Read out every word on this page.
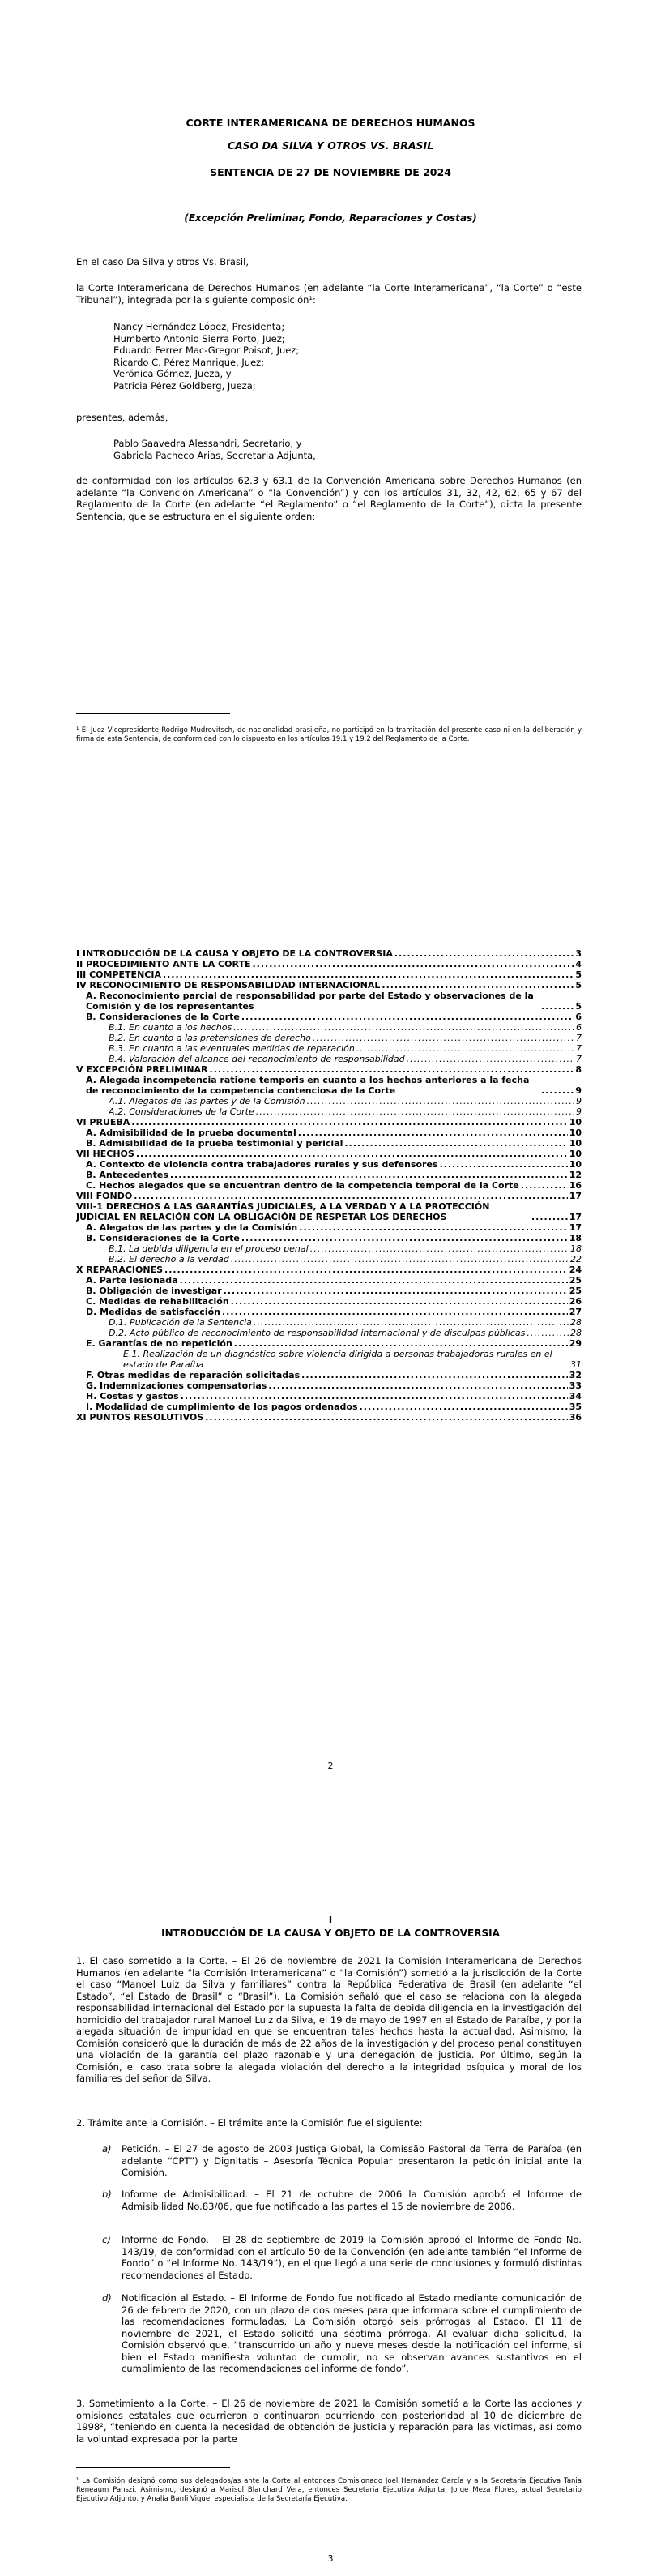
CORTE INTERAMERICANA DE DERECHOS HUMANOS
CASO DA SILVA Y OTROS VS. BRASIL
SENTENCIA DE 27 DE NOVIEMBRE DE 2024
(Excepción Preliminar, Fondo, Reparaciones y Costas)
En el caso Da Silva y otros Vs. Brasil,
la Corte Interamericana de Derechos Humanos (en adelante “la Corte Interamericana”, “la Corte” o “este Tribunal”), integrada por la siguiente composición¹:
Nancy Hernández López, Presidenta;
Humberto Antonio Sierra Porto, Juez;
Eduardo Ferrer Mac-Gregor Poisot, Juez;
Ricardo C. Pérez Manrique, Juez;
Verónica Gómez, Jueza, y
Patricia Pérez Goldberg, Jueza;
presentes, además,
Pablo Saavedra Alessandri, Secretario, y
Gabriela Pacheco Arias, Secretaria Adjunta,
de conformidad con los artículos 62.3 y 63.1 de la Convención Americana sobre Derechos Humanos (en adelante “la Convención Americana” o “la Convención”) y con los artículos 31, 32, 42, 62, 65 y 67 del Reglamento de la Corte (en adelante “el Reglamento” o “el Reglamento de la Corte”), dicta la presente Sentencia, que se estructura en el siguiente orden:
¹ El Juez Vicepresidente Rodrigo Mudrovitsch, de nacionalidad brasileña, no participó en la tramitación del presente caso ni en la deliberación y firma de esta Sentencia, de conformidad con lo dispuesto en los artículos 19.1 y 19.2 del Reglamento de la Corte.
2
I INTRODUCCIÓN DE LA CAUSA Y OBJETO DE LA CONTROVERSIA .....	3
II PROCEDIMIENTO ANTE LA CORTE .....	4
III COMPETENCIA .....	5
IV RECONOCIMIENTO DE RESPONSABILIDAD INTERNACIONAL .....	5
A. Reconocimiento parcial de responsabilidad por parte del Estado y observaciones de la Comisión y de los representantes .....	5
B. Consideraciones de la Corte .....	6
B.1. En cuanto a los hechos .....	6
B.2. En cuanto a las pretensiones de derecho .....	7
B.3. En cuanto a las eventuales medidas de reparación .....	7
B.4. Valoración del alcance del reconocimiento de responsabilidad .....	7
V EXCEPCIÓN PRELIMINAR .....	8
A. Alegada incompetencia ratione temporis en cuanto a los hechos anteriores a la fecha de reconocimiento de la competencia contenciosa de la Corte .....	9
A.1. Alegatos de las partes y de la Comisión .....	9
A.2. Consideraciones de la Corte .....	9
VI PRUEBA .....	10
A. Admisibilidad de la prueba documental .....	10
B. Admisibilidad de la prueba testimonial y pericial .....	10
VII HECHOS .....	10
A. Contexto de violencia contra trabajadores rurales y sus defensores .....	10
B. Antecedentes .....	12
C. Hechos alegados que se encuentran dentro de la competencia temporal de la Corte .....	16
VIII FONDO .....	17
VIII-1 DERECHOS A LAS GARANTÍAS JUDICIALES, A LA VERDAD Y A LA PROTECCIÓN JUDICIAL EN RELACIÓN CON LA OBLIGACIÓN DE RESPETAR LOS DERECHOS .....	17
A. Alegatos de las partes y de la Comisión .....	17
B. Consideraciones de la Corte .....	18
B.1. La debida diligencia en el proceso penal .....	18
B.2. El derecho a la verdad .....	22
X REPARACIONES .....	24
A. Parte lesionada .....	25
B. Obligación de investigar .....	25
C. Medidas de rehabilitación .....	26
D. Medidas de satisfacción .....	27
D.1. Publicación de la Sentencia .....	28
D.2. Acto público de reconocimiento de responsabilidad internacional y de disculpas públicas .....	28
E. Garantías de no repetición .....	29
E.1. Realización de un diagnóstico sobre violencia dirigida a personas trabajadoras rurales en el estado de Paraíba	31
F. Otras medidas de reparación solicitadas .....	32
G. Indemnizaciones compensatorias .....	33
H. Costas y gastos .....	34
I. Modalidad de cumplimiento de los pagos ordenados .....	35
XI PUNTOS RESOLUTIVOS .....	36
I
INTRODUCCIÓN DE LA CAUSA Y OBJETO DE LA CONTROVERSIA
1. El caso sometido a la Corte. – El 26 de noviembre de 2021 la Comisión Interamericana de Derechos Humanos (en adelante “la Comisión Interamericana” o “la Comisión”) sometió a la jurisdicción de la Corte el caso “Manoel Luiz da Silva y familiares” contra la República Federativa de Brasil (en adelante “el Estado”, “el Estado de Brasil” o “Brasil”). La Comisión señaló que el caso se relaciona con la alegada responsabilidad internacional del Estado por la supuesta la falta de debida diligencia en la investigación del homicidio del trabajador rural Manoel Luiz da Silva, el 19 de mayo de 1997 en el Estado de Paraíba, y por la alegada situación de impunidad en que se encuentran tales hechos hasta la actualidad. Asimismo, la Comisión consideró que la duración de más de 22 años de la investigación y del proceso penal constituyen una violación de la garantía del plazo razonable y una denegación de justicia. Por último, según la Comisión, el caso trata sobre la alegada violación del derecho a la integridad psíquica y moral de los familiares del señor da Silva.
2. Trámite ante la Comisión. – El trámite ante la Comisión fue el siguiente:
a) Petición. – El 27 de agosto de 2003 Justiça Global, la Comissão Pastoral da Terra de Paraíba (en adelante “CPT”) y Dignitatis – Asesoría Técnica Popular presentaron la petición inicial ante la Comisión.
b) Informe de Admisibilidad. – El 21 de octubre de 2006 la Comisión aprobó el Informe de Admisibilidad No.83/06, que fue notificado a las partes el 15 de noviembre de 2006.
c) Informe de Fondo. – El 28 de septiembre de 2019 la Comisión aprobó el Informe de Fondo No. 143/19, de conformidad con el artículo 50 de la Convención (en adelante también “el Informe de Fondo” o “el Informe No. 143/19”), en el que llegó a una serie de conclusiones y formuló distintas recomendaciones al Estado.
d) Notificación al Estado. – El Informe de Fondo fue notificado al Estado mediante comunicación de 26 de febrero de 2020, con un plazo de dos meses para que informara sobre el cumplimiento de las recomendaciones formuladas. La Comisión otorgó seis prórrogas al Estado. El 11 de noviembre de 2021, el Estado solicitó una séptima prórroga. Al evaluar dicha solicitud, la Comisión observó que, “transcurrido un año y nueve meses desde la notificación del informe, si bien el Estado manifiesta voluntad de cumplir, no se observan avances sustantivos en el cumplimiento de las recomendaciones del informe de fondo”.
3. Sometimiento a la Corte. – El 26 de noviembre de 2021 la Comisión sometió a la Corte las acciones y omisiones estatales que ocurrieron o continuaron ocurriendo con posterioridad al 10 de diciembre de 1998², “teniendo en cuenta la necesidad de obtención de justicia y reparación para las víctimas, así como la voluntad expresada por la parte
¹ La Comisión designó como sus delegados/as ante la Corte al entonces Comisionado Joel Hernández García y a la Secretaria Ejecutiva Tania Reneaum Panszi. Asimismo, designó a Marisol Blanchard Vera, entonces Secretaria Ejecutiva Adjunta, Jorge Meza Flores, actual Secretario Ejecutivo Adjunto, y Analía Banfi Vique, especialista de la Secretaría Ejecutiva.
3
